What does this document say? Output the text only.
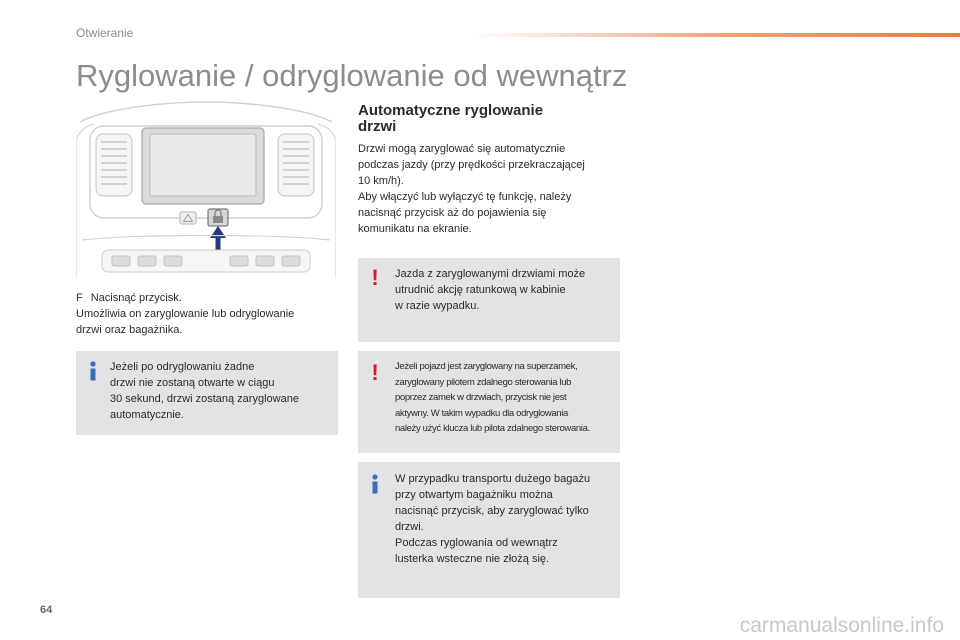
Otwieranie
Ryglowanie / odryglowanie od wewnątrz
F Nacisnąć przycisk.
Umożliwia on zaryglowanie lub odryglowanie
drzwi oraz bagażnika.

Jeżeli po odryglowaniu żadne

drzwi nie zostaną otwarte w ciągu

30 sekund, drzwi zostaną zaryglowane

automatycznie.

Automatyczne ryglowanie
drzwi

Drzwi mogą zaryglować się automatycznie

podczas jazdy (przy prędkości przekraczającej

10 km/h).

Aby włączyć lub wyłączyć tę funkcję, należy

nacisnąć przycisk aż do pojawienia się

komunikatu na ekranie.

! Jazda z zaryglowanymi drzwiami może

utrudnić akcję ratunkową w kabinie

w razie wypadku.

! Jeżeli pojazd jest zaryglowany na superzamek,

zaryglowany pilotem zdalnego sterowania lub

poprzez zamek w drzwiach, przycisk nie jest

aktywny. W takim wypadku dla odryglowania

należy użyć klucza lub pilota zdalnego sterowania.

W przypadku transportu dużego bagażu

przy otwartym bagażniku można

nacisnąć przycisk, aby zaryglować tylko

drzwi.

Podczas ryglowania od wewnątrz

lusterka wsteczne nie złożą się.

64
carmanualsonline.info
